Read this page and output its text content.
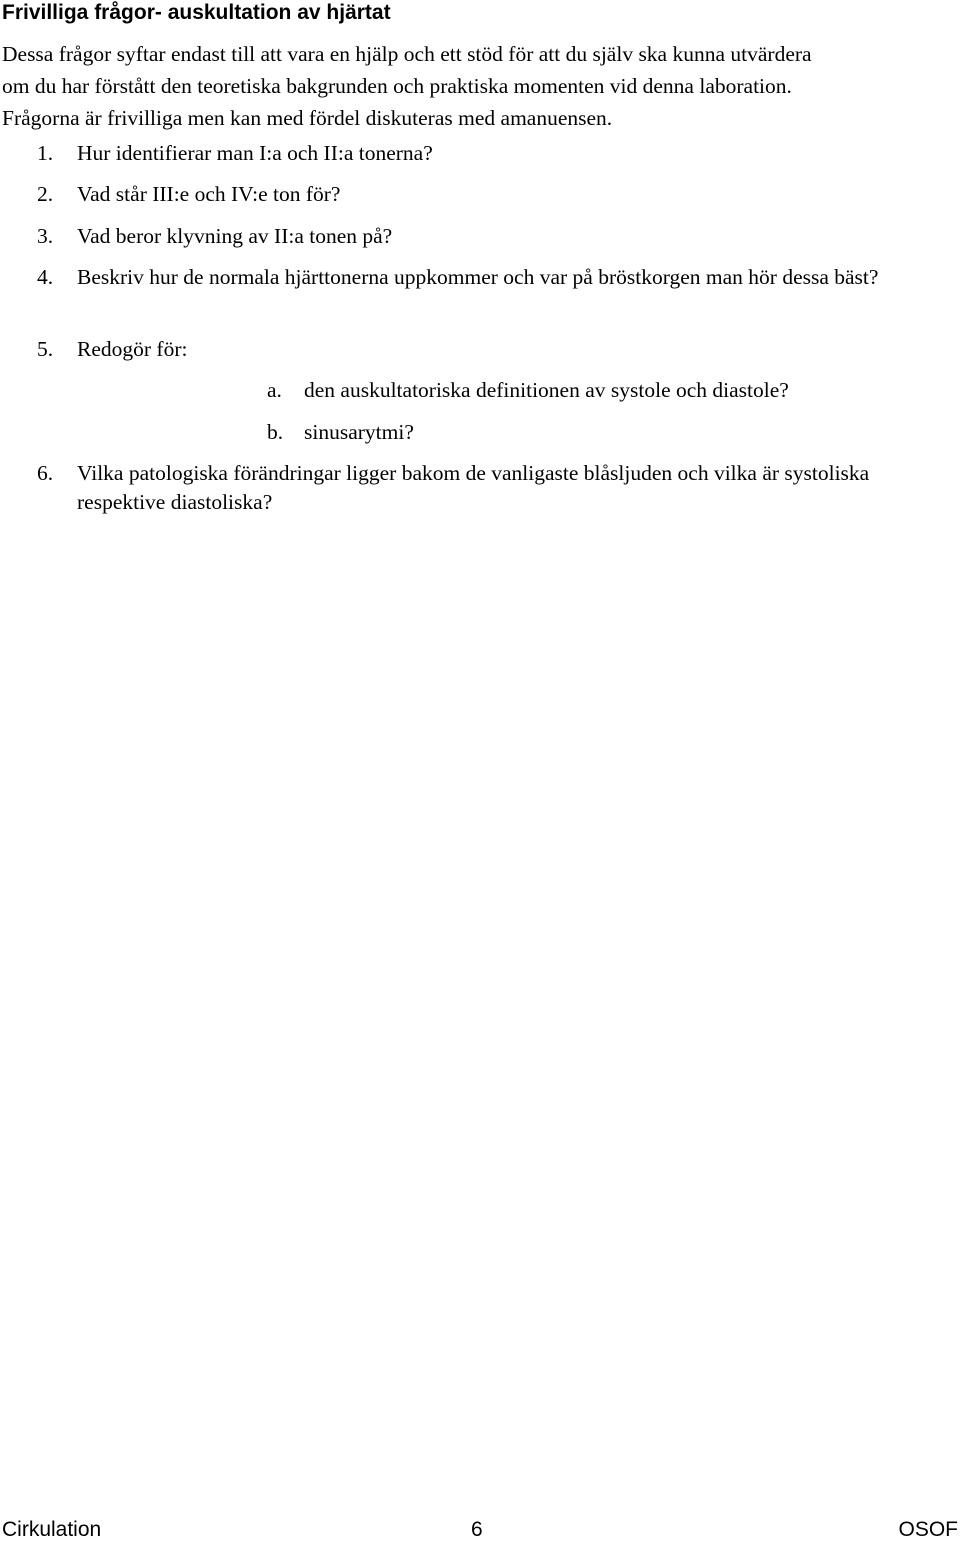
Frivilliga frågor- auskultation av hjärtat
Dessa frågor syftar endast till att vara en hjälp och ett stöd för att du själv ska kunna utvärdera
om du har förstått den teoretiska bakgrunden och praktiska momenten vid denna laboration.
Frågorna är frivilliga men kan med fördel diskuteras med amanuensen.
1. Hur identifierar man I:a och II:a tonerna?
2. Vad står III:e och IV:e ton för?
3. Vad beror klyvning av II:a tonen på?
4. Beskriv hur de normala hjärttonerna uppkommer och var på bröstkorgen man hör dessa bäst?
5. Redogör för:
a. den auskultatoriska definitionen av systole och diastole?
b. sinusarytmi?
6. Vilka patologiska förändringar ligger bakom de vanligaste blåsljuden och vilka är systoliska respektive diastoliska?
Cirkulation	6	OSOF
